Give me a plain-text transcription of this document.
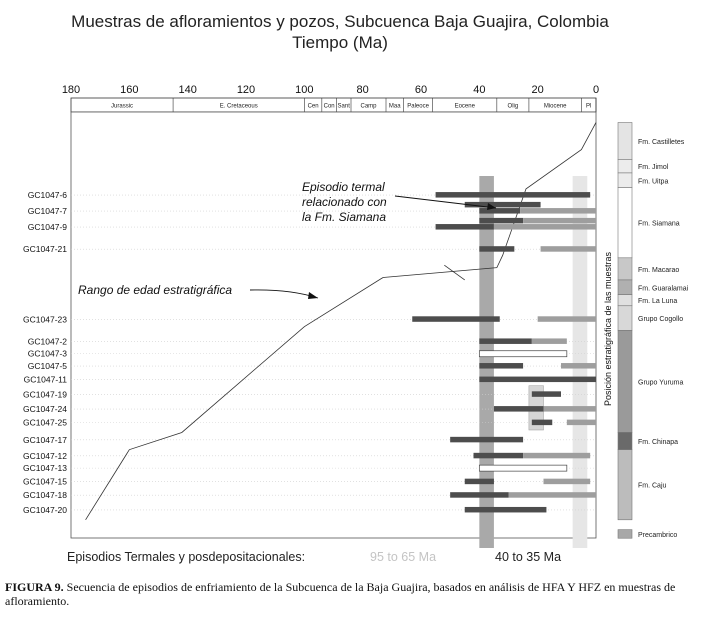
Muestras de afloramientos y pozos, Subcuenca Baja Guajira, Colombia
Tiempo (Ma)
180	160	140	120	100	80	60	40	20	0
Jurassic	E. Cretaceous	Cen Con Sant Camp Maa Paleoce	Eocene	Olig	Miocene	Pl
GC1047-6
GC1047-7
GC1047-9
GC1047-21
GC1047-23
GC1047-2
GC1047-3
GC1047-5
GC1047-11
GC1047-19
GC1047-24
GC1047-25
GC1047-17
GC1047-12
GC1047-13
GC1047-15
GC1047-18
GC1047-20
Fm. Castilletes
Fm. Jimol
Fm. Uitpa
Fm. Siamana
Fm. Macarao
Fm. Guaralamai
Fm. La Luna
Grupo Cogollo
Grupo Yuruma
Fm. Chinapa
Fm. Caju
Precambrico
Episodio termal
relacionado con
la Fm. Siamana
Rango de edad estratigráfica	Posición estratigráfica de las muestras
Episodios Termales y posdepositacionales:	95 to 65 Ma	40 to 35 Ma
FIGURA 9. Secuencia de episodios de enfriamiento de la Subcuenca de la Baja Guajira, basados en análisis de HFA Y HFZ en muestras de afloramiento.
